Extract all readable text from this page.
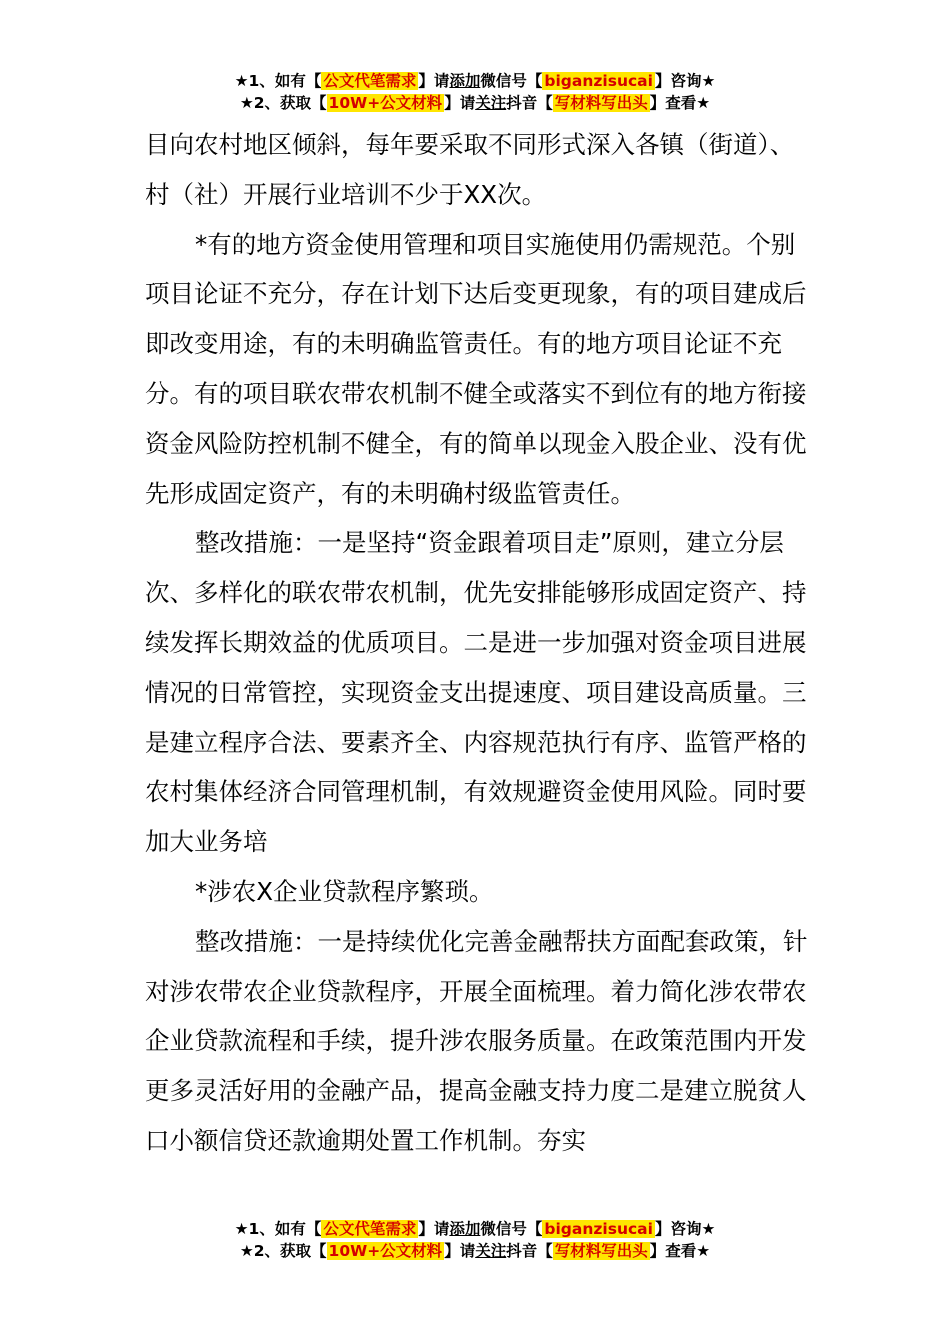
★1、如有【 公文代笔需求 】请添加微信号【 biganzisucai 】咨询★
★2、获取【 10W+公文材料 】请关注抖音【 写材料写出头 】查看★

目向农村地区倾斜，每年要采取不同形式深入各镇（街道）、村（社）开展行业培训不少于XX次。

*有的地方资金使用管理和项目实施使用仍需规范。个别项目论证不充分，存在计划下达后变更现象，有的项目建成后即改变用途，有的未明确监管责任。有的地方项目论证不充分。有的项目联农带农机制不健全或落实不到位有的地方衔接资金风险防控机制不健全，有的简单以现金入股企业、没有优先形成固定资产，有的未明确村级监管责任。

整改措施：一是坚持“资金跟着项目走”原则，建立分层次、多样化的联农带农机制，优先安排能够形成固定资产、持续发挥长期效益的优质项目。二是进一步加强对资金项目进展情况的日常管控，实现资金支出提速度、项目建设高质量。三是建立程序合法、要素齐全、内容规范执行有序、监管严格的农村集体经济合同管理机制，有效规避资金使用风险。同时要加大业务培

*涉农X企业贷款程序繁琐。

整改措施：一是持续优化完善金融帮扶方面配套政策，针对涉农带农企业贷款程序，开展全面梳理。着力简化涉农带农企业贷款流程和手续，提升涉农服务质量。在政策范围内开发更多灵活好用的金融产品，提高金融支持力度二是建立脱贫人口小额信贷还款逾期处置工作机制。夯实

★1、如有【 公文代笔需求 】请添加微信号【 biganzisucai 】咨询★
★2、获取【 10W+公文材料 】请关注抖音【 写材料写出头 】查看★
